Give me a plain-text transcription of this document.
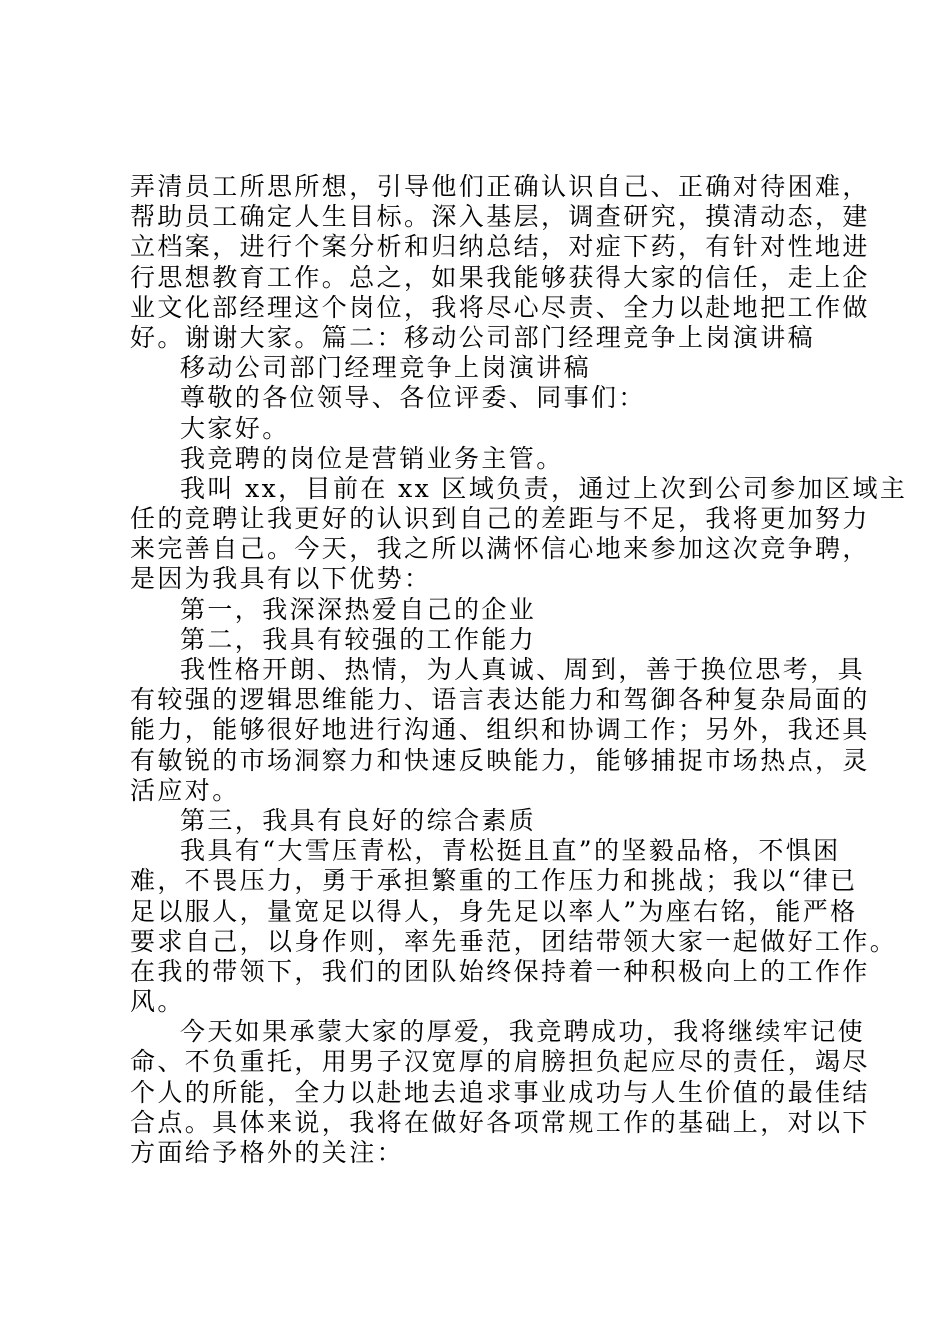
弄清员工所思所想，引导他们正确认识自己、正确对待困难，
帮助员工确定人生目标。深入基层，调查研究，摸清动态，建
立档案，进行个案分析和归纳总结，对症下药，有针对性地进
行思想教育工作。总之，如果我能够获得大家的信任，走上企
业文化部经理这个岗位，我将尽心尽责、全力以赴地把工作做
好。谢谢大家。篇二：移动公司部门经理竞争上岗演讲稿
移动公司部门经理竞争上岗演讲稿
尊敬的各位领导、各位评委、同事们：
大家好。
我竞聘的岗位是营销业务主管。
我叫 xx，目前在 xx 区域负责，通过上次到公司参加区域主
任的竞聘让我更好的认识到自己的差距与不足，我将更加努力
来完善自己。今天，我之所以满怀信心地来参加这次竞争聘，
是因为我具有以下优势：
第一，我深深热爱自己的企业
第二，我具有较强的工作能力
我性格开朗、热情，为人真诚、周到，善于换位思考，具
有较强的逻辑思维能力、语言表达能力和驾御各种复杂局面的
能力，能够很好地进行沟通、组织和协调工作；另外，我还具
有敏锐的市场洞察力和快速反映能力，能够捕捉市场热点，灵
活应对。
第三，我具有良好的综合素质
我具有“大雪压青松，青松挺且直”的坚毅品格，不惧困
难，不畏压力，勇于承担繁重的工作压力和挑战；我以“律已
足以服人，量宽足以得人，身先足以率人”为座右铭，能严格
要求自己，以身作则，率先垂范，团结带领大家一起做好工作。
在我的带领下，我们的团队始终保持着一种积极向上的工作作
风。
今天如果承蒙大家的厚爱，我竞聘成功，我将继续牢记使
命、不负重托，用男子汉宽厚的肩膀担负起应尽的责任，竭尽
个人的所能，全力以赴地去追求事业成功与人生价值的最佳结
合点。具体来说，我将在做好各项常规工作的基础上，对以下
方面给予格外的关注：
